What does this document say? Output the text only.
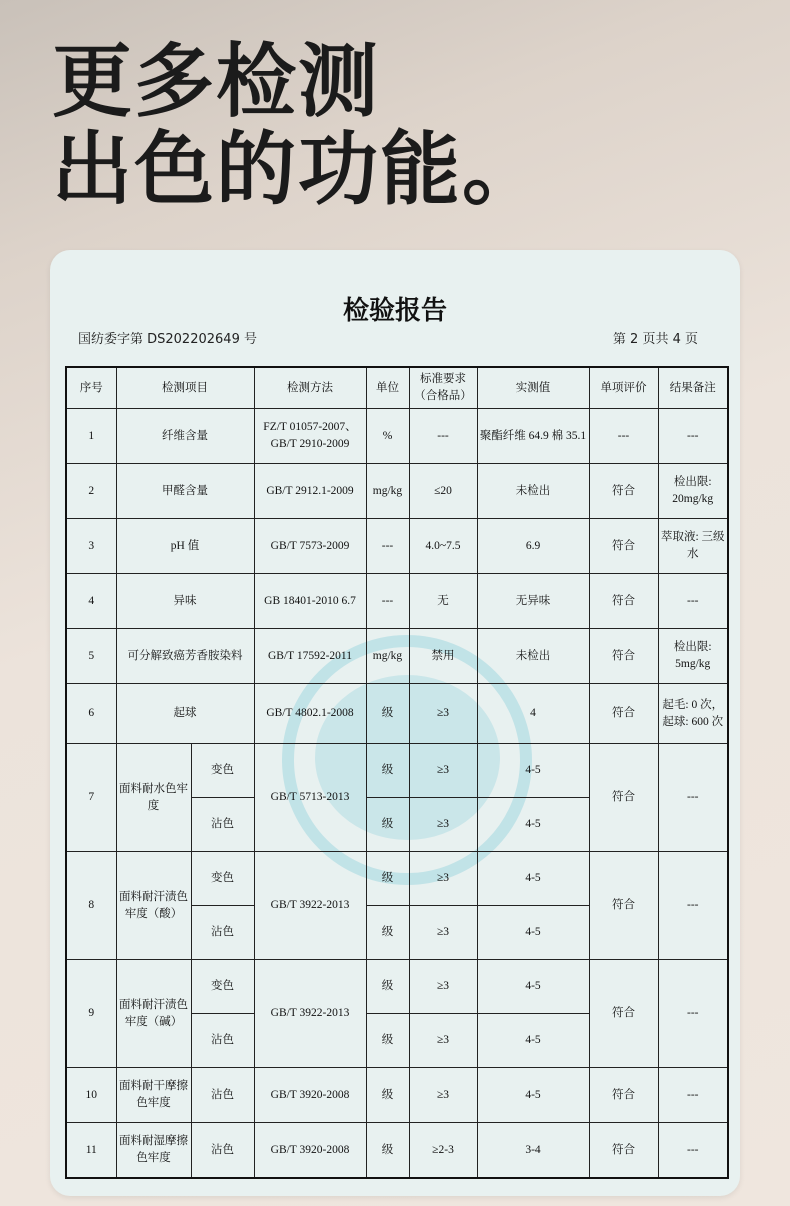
更多检测
出色的功能。
检验报告
国纺委字第 DS202202649 号	第 2 页共 4 页
序号	检测项目		检测方法	单位	标准要求（合格品）	实测值	单项评价	结果备注
1	纤维含量		FZ/T 01057-2007、GB/T 2910-2009	%	---	聚酯纤维 64.9 棉 35.1	---	---
2	甲醛含量		GB/T 2912.1-2009	mg/kg	≤20	未检出	符合	检出限: 20mg/kg
3	pH 值		GB/T 7573-2009	---	4.0~7.5	6.9	符合	萃取液: 三级水
4	异味		GB 18401-2010 6.7	---	无	无异味	符合	---
5	可分解致癌芳香胺染料		GB/T 17592-2011	mg/kg	禁用	未检出	符合	检出限: 5mg/kg
6	起球		GB/T 4802.1-2008	级	≥3	4	符合	起毛: 0 次，起球: 600 次
7	面料耐水色牢度	变色	GB/T 5713-2013	级	≥3	4-5	符合	---
		沾色		级	≥3	4-5		
8	面料耐汗渍色牢度（酸）	变色	GB/T 3922-2013	级	≥3	4-5	符合	---
		沾色		级	≥3	4-5		
9	面料耐汗渍色牢度（碱）	变色	GB/T 3922-2013	级	≥3	4-5	符合	---
		沾色		级	≥3	4-5		
10	面料耐干摩擦色牢度	沾色	GB/T 3920-2008	级	≥3	4-5	符合	---
11	面料耐湿摩擦色牢度	沾色	GB/T 3920-2008	级	≥2-3	3-4	符合	---
